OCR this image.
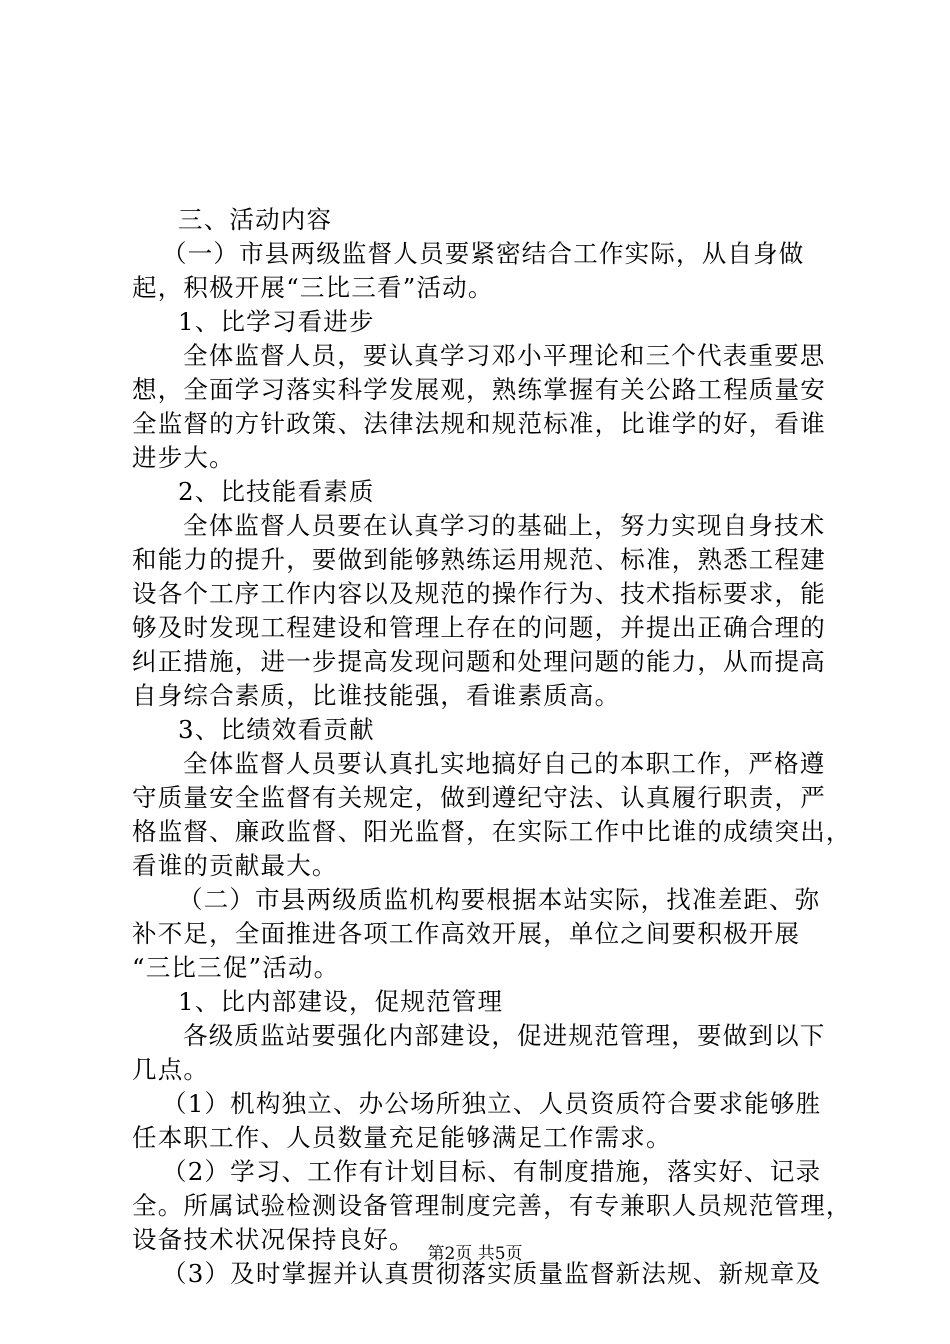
三、活动内容
（一）市县两级监督人员要紧密结合工作实际，从自身做
起，积极开展“三比三看”活动。
1、比学习看进步
全体监督人员，要认真学习邓小平理论和三个代表重要思
想，全面学习落实科学发展观，熟练掌握有关公路工程质量安
全监督的方针政策、法律法规和规范标准，比谁学的好，看谁
进步大。
2、比技能看素质
全体监督人员要在认真学习的基础上，努力实现自身技术
和能力的提升，要做到能够熟练运用规范、标准，熟悉工程建
设各个工序工作内容以及规范的操作行为、技术指标要求，能
够及时发现工程建设和管理上存在的问题，并提出正确合理的
纠正措施，进一步提高发现问题和处理问题的能力，从而提高
自身综合素质，比谁技能强，看谁素质高。
3、比绩效看贡献
全体监督人员要认真扎实地搞好自己的本职工作，严格遵
守质量安全监督有关规定，做到遵纪守法、认真履行职责，严
格监督、廉政监督、阳光监督，在实际工作中比谁的成绩突出，
看谁的贡献最大。
（二）市县两级质监机构要根据本站实际，找准差距、弥
补不足，全面推进各项工作高效开展，单位之间要积极开展
“三比三促”活动。
1、比内部建设，促规范管理
各级质监站要强化内部建设，促进规范管理，要做到以下
几点。
（1）机构独立、办公场所独立、人员资质符合要求能够胜
任本职工作、人员数量充足能够满足工作需求。
（2）学习、工作有计划目标、有制度措施，落实好、记录
全。所属试验检测设备管理制度完善，有专兼职人员规范管理，
设备技术状况保持良好。
（3）及时掌握并认真贯彻落实质量监督新法规、新规章及
第2页 共5页
